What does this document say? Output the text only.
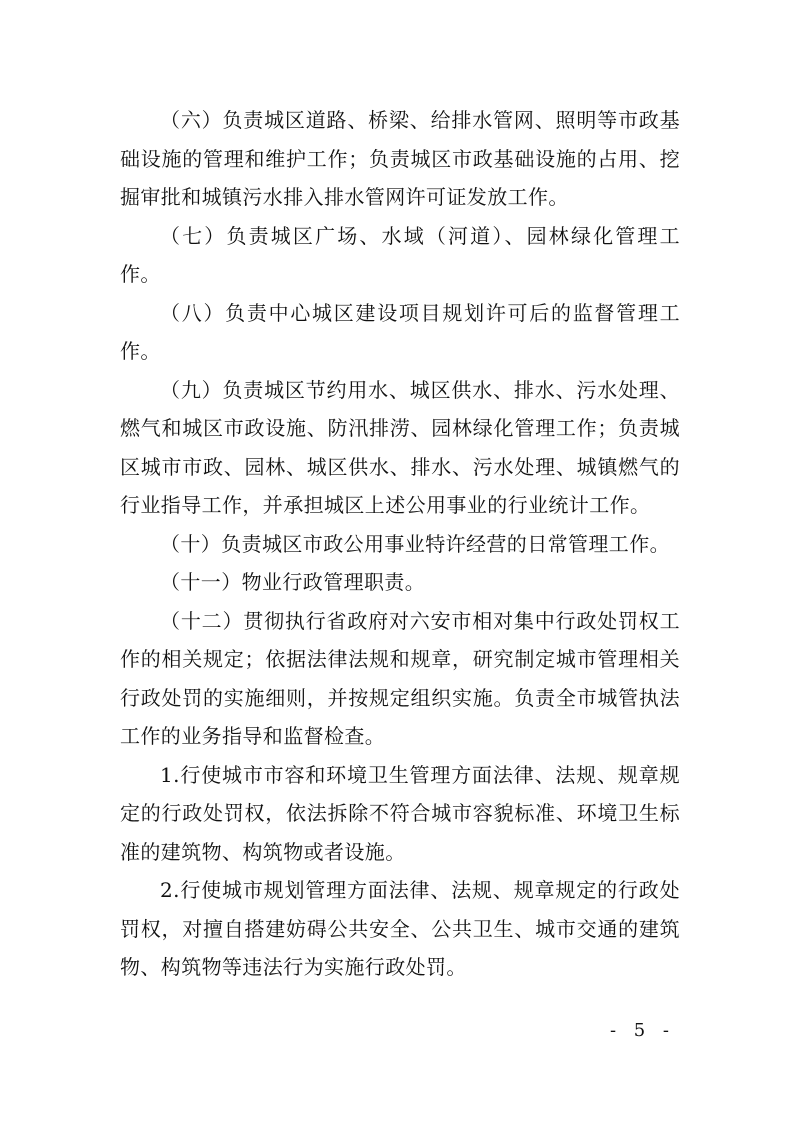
（六）负责城区道路、桥梁、给排水管网、照明等市政基础设施的管理和维护工作；负责城区市政基础设施的占用、挖掘审批和城镇污水排入排水管网许可证发放工作。

（七）负责城区广场、水域（河道）、园林绿化管理工作。

（八）负责中心城区建设项目规划许可后的监督管理工作。

（九）负责城区节约用水、城区供水、排水、污水处理、燃气和城区市政设施、防汛排涝、园林绿化管理工作；负责城区城市市政、园林、城区供水、排水、污水处理、城镇燃气的行业指导工作，并承担城区上述公用事业的行业统计工作。

（十）负责城区市政公用事业特许经营的日常管理工作。

（十一）物业行政管理职责。

（十二）贯彻执行省政府对六安市相对集中行政处罚权工作的相关规定；依据法律法规和规章，研究制定城市管理相关行政处罚的实施细则，并按规定组织实施。负责全市城管执法工作的业务指导和监督检查。

1.行使城市市容和环境卫生管理方面法律、法规、规章规定的行政处罚权，依法拆除不符合城市容貌标准、环境卫生标准的建筑物、构筑物或者设施。

2.行使城市规划管理方面法律、法规、规章规定的行政处罚权，对擅自搭建妨碍公共安全、公共卫生、城市交通的建筑物、构筑物等违法行为实施行政处罚。

- 5 -
